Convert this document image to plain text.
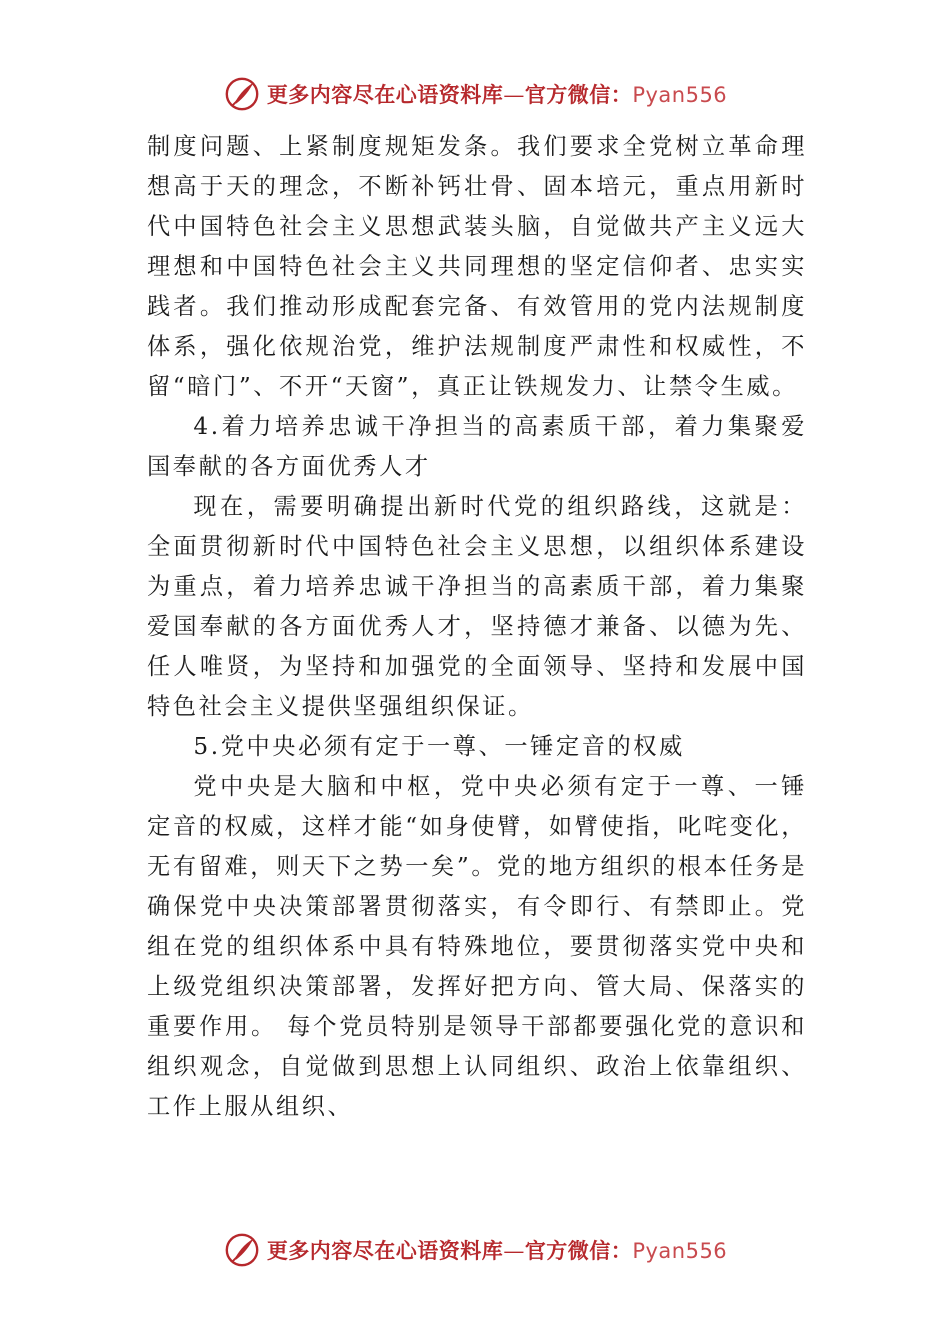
更多内容尽在心语资料库—官方微信：Pyan556

制度问题、上紧制度规矩发条。我们要求全党树立革命理想高于天的理念，不断补钙壮骨、固本培元，重点用新时代中国特色社会主义思想武装头脑，自觉做共产主义远大理想和中国特色社会主义共同理想的坚定信仰者、忠实实践者。我们推动形成配套完备、有效管用的党内法规制度体系，强化依规治党，维护法规制度严肃性和权威性，不留“暗门”、不开“天窗”，真正让铁规发力、让禁令生威。

4.着力培养忠诚干净担当的高素质干部，着力集聚爱国奉献的各方面优秀人才

现在，需要明确提出新时代党的组织路线，这就是：全面贯彻新时代中国特色社会主义思想，以组织体系建设为重点，着力培养忠诚干净担当的高素质干部，着力集聚爱国奉献的各方面优秀人才，坚持德才兼备、以德为先、任人唯贤，为坚持和加强党的全面领导、坚持和发展中国特色社会主义提供坚强组织保证。

5.党中央必须有定于一尊、一锤定音的权威

党中央是大脑和中枢，党中央必须有定于一尊、一锤定音的权威，这样才能“如身使臂，如臂使指，叱咤变化，无有留难，则天下之势一矣”。党的地方组织的根本任务是确保党中央决策部署贯彻落实，有令即行、有禁即止。党组在党的组织体系中具有特殊地位，要贯彻落实党中央和上级党组织决策部署，发挥好把方向、管大局、保落实的重要作用。 每个党员特别是领导干部都要强化党的意识和组织观念，自觉做到思想上认同组织、政治上依靠组织、工作上服从组织、

更多内容尽在心语资料库—官方微信：Pyan556
